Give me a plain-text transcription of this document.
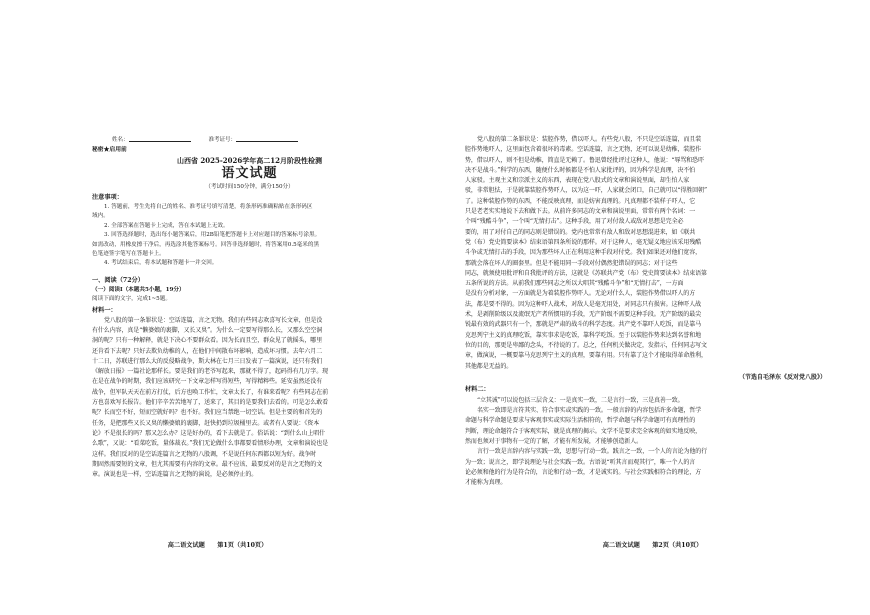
姓名：	准考证号：
秘密★启用前
山西省 2025-2026学年高二12月阶段性检测
语文试题
（考试时间150分钟，满分150分）
注意事项：
1. 答题前，考生先将自己的姓名、准考证号填写清楚，将条形码准确粘贴在条形码区
域内。
2. 全部答案在答题卡上完成，答在本试题上无效。
3. 回答选择题时，选出每小题答案后，用2B铅笔把答题卡上对应题目的答案标号涂黑。
如需改动，用橡皮擦干净后，再选涂其他答案标号。回答非选择题时，将答案用0.5毫米的黑
色笔迹签字笔写在答题卡上。
4. 考试结束后，将本试题和答题卡一并交回。
一、阅读（72分）
（一）阅读Ⅰ（本题共5小题，19分）
阅读下面的文字，完成1~5题。
材料一：
党八股的第一条罪状是：空话连篇，言之无物。我们有些同志欢喜写长文章，但是没
有什么内容，真是“懒婆娘的裹脚，又长又臭”。为什么一定要写得那么长，又那么空空洞
洞的呢？只有一种解释，就是下决心不要群众看。因为长而且空，群众见了就摇头，哪里
还肯看下去呢？只好去欺负幼稚的人，在他们中间散布坏影响，造成坏习惯。去年六月二
十二日，苏联进行那么大的反侵略战争，斯大林在七月三日发表了一篇演说，还只有我们
《解放日报》一篇社论那样长。要是我们的老爷写起来，那就不得了，起码得有几万字。现
在是在战争的时期，我们应该研究一下文章怎样写得短些，写得精粹些。延安虽然还没有
战争，但军队天天在前方打仗，后方也唤工作忙，文章太长了，有谁来看呢？有些同志在前
方也喜欢写长报告。他们辛辛苦苦地写了，送来了，其目的是要我们去看的。可是怎么敢看
呢？长而空不好，短而空就好吗？也不好。我们应当禁绝一切空话。但是主要的和首先的
任务，是把那些又长又臭的懒婆娘的裹脚，赶快扔到垃圾桶里去。或者有人要说：《资本
论》不是很长的吗？那又怎么办？这是好办的，看下去就是了。俗话说：“到什么山上唱什
么歌”，又说：“看菜吃饭，量体裁衣。”我们无论做什么事都要看情形办理，文章和演说也是
这样。我们反对的是空话连篇言之无物的八股调，不是说任何东西都以短为好。战争时
期固然需要短的文章，但尤其需要有内容的文章。最不应该、最要反对的是言之无物的文
章。演说也是一样，空话连篇言之无物的演说，是必须停止的。
高二语文试题　　第1页（共10页）
党八股的第二条罪状是：装腔作势，借以吓人。有些党八股，不只是空话连篇，而且装
腔作势地吓人，这里面包含着很坏的毒素。空话连篇，言之无物，还可以说是幼稚，装腔作
势，借以吓人，则不但是幼稚，简直是无赖了。鲁迅曾经批评过这种人，他说：“辱骂和恐吓
决不是战斗。”科学的东西，随便什么时候都是不怕人家批评的，因为科学是真理，决不怕
人家驳。主观主义和宗派主义的东西，表现在党八股式的文章和演说里面，却生怕人家
驳，非常胆怯，于是就靠装腔作势吓人，以为这一吓，人家就会闭口，自己就可以“得胜回朝”
了。这种装腔作势的东西，不能反映真理，而是妨害真理的。凡真理都不装样子吓人，它
只是老老实实地说下去和做下去。从前许多同志的文章和演说里面，常常有两个名词：一
个叫“残酷斗争”，一个叫“无情打击”。这种手段，用了对付敌人或敌对思想是完全必
要的，用了对付自己的同志则是错误的。党内也常常有敌人和敌对思想混进来，如《联共
党（布）党史简要读本》结束语第四条所说的那样。对于这种人，毫无疑义地应该采用残酷
斗争或无情打击的手段，因为那些坏人正在利用这种手段对付党。我们如果还对他们宽容，
那就会落在坏人的圈套里。但是不能用同一手段对付偶然犯错误的同志；对于这些
同志，就须使用批评和自我批评的方法，这就是《苏联共产党（布）党史简要读本》结束语第
五条所说的方法。从前我们那些同志之所以大唱其“残酷斗争”和“无情打击”，一方面
是没有分析对象，一方面就是为着装腔作势吓人。无论对什么人，装腔作势借以吓人的方
法，都是要不得的。因为这种吓人战术，对敌人是毫无用处，对同志只有损害。这种吓人战
术，是剥削阶级以及流氓无产者所惯用的手段，无产阶级不需要这种手段。无产阶级的最尖
锐最有效的武器只有一个，那就是严肃的战斗的科学态度。共产党不靠吓人吃饭，而是靠马
克思列宁主义的真理吃饭，靠实事求是吃饭，靠科学吃饭。至于以装腔作势来达到名誉和地
位的目的，那更是卑鄙的念头，不待说的了。总之，任何机关做决定，发指示，任何同志写文
章，做演说，一概要靠马克思列宁主义的真理，要靠有用。只有靠了这个才能取得革命胜利，
其他都是无益的。
（节选自毛泽东《反对党八股》）
材料二：
“立其诚”可以说包括三层含义：一是真实一致，二是言行一致，三是真善一致。
名实一致即是言符其实、符合事实或实践的一致。一般言辞的内容包括许多命题，哲学
命题与科学命题是要求与客观事实或实际生活相符的，哲学命题与科学命题可有真理性的
判断，理论命题符合于客观实际，就是真理的揭示。文学不是要求完全客观的如实地反映，
然而也须对于事物有一定的了解，才能有所发展，才能够创造新人。
言行一致是言辞内容与实践一致，思想与行动一致。践言之一致，一个人的言论为他的行
为一致；说言之，即学说理论与社会实践一致。古语说“听其言而观其行”，唯一个人的言
论必须和他的行为是符合的，言论和行动一致，才是诚实的。与社会实践相符合的理论，方
才能称为真理。
高二语文试题　　第2页（共10页）
